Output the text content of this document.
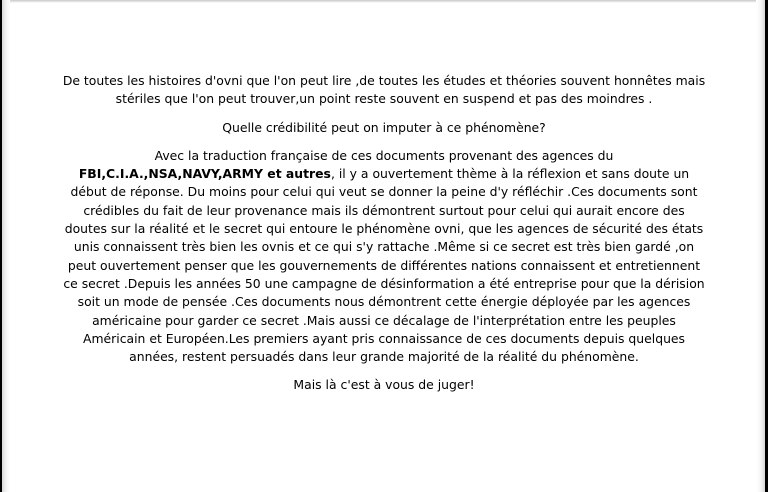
De toutes les histoires d'ovni que l'on peut lire ,de toutes les études et théories souvent honnêtes mais stériles que l'on peut trouver,un point reste souvent en suspend et pas des moindres .

Quelle crédibilité peut on imputer à ce phénomène?

Avec la traduction française de ces documents provenant des agences du
FBI,C.I.A.,NSA,NAVY,ARMY et autres, il y a ouvertement thème à la réflexion et sans doute un début de réponse. Du moins pour celui qui veut se donner la peine d'y réfléchir .Ces documents sont crédibles du fait de leur provenance mais ils démontrent surtout pour celui qui aurait encore des doutes sur la réalité et le secret qui entoure le phénomène ovni, que les agences de sécurité des états unis connaissent très bien les ovnis et ce qui s'y rattache .Même si ce secret est très bien gardé ,on peut ouvertement penser que les gouvernements de différentes nations connaissent et entretiennent ce secret .Depuis les années 50 une campagne de désinformation a été entreprise pour que la dérision soit un mode de pensée .Ces documents nous démontrent cette énergie déployée par les agences américaine pour garder ce secret .Mais aussi ce décalage de l'interprétation entre les peuples Américain et Européen.Les premiers ayant pris connaissance de ces documents depuis quelques années, restent persuadés dans leur grande majorité de la réalité du phénomène.

Mais là c'est à vous de juger!
